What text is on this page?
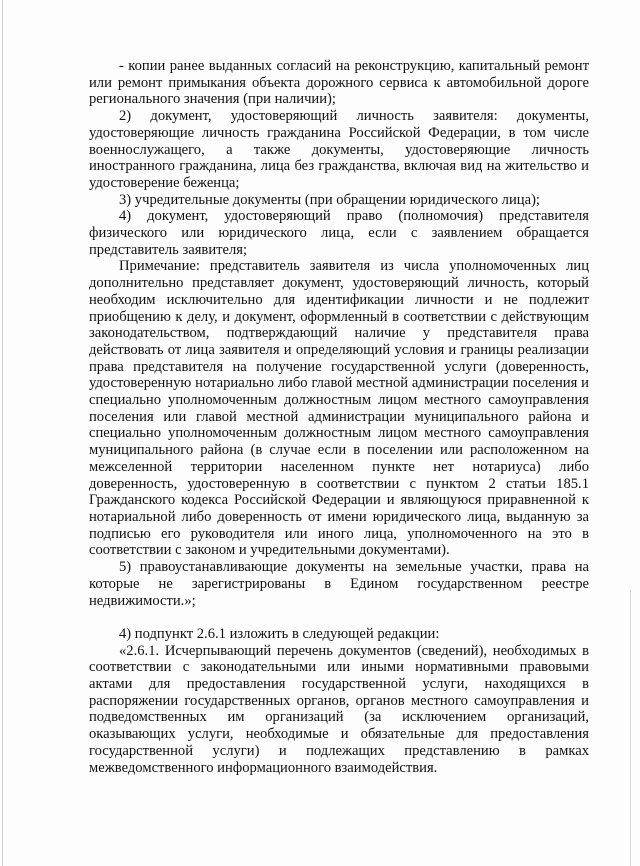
- копии ранее выданных согласий на реконструкцию, капитальный ремонт или ремонт примыкания объекта дорожного сервиса к автомобильной дороге регионального значения (при наличии);

2) документ, удостоверяющий личность заявителя: документы, удостоверяющие личность гражданина Российской Федерации, в том числе военнослужащего, а также документы, удостоверяющие личность иностранного гражданина, лица без гражданства, включая вид на жительство и удостоверение беженца;

3) учредительные документы (при обращении юридического лица);

4) документ, удостоверяющий право (полномочия) представителя физического или юридического лица, если с заявлением обращается представитель заявителя;

Примечание: представитель заявителя из числа уполномоченных лиц дополнительно представляет документ, удостоверяющий личность, который необходим исключительно для идентификации личности и не подлежит приобщению к делу, и документ, оформленный в соответствии с действующим законодательством, подтверждающий наличие у представителя права действовать от лица заявителя и определяющий условия и границы реализации права представителя на получение государственной услуги (доверенность, удостоверенную нотариально либо главой местной администрации поселения и специально уполномоченным должностным лицом местного самоуправления поселения или главой местной администрации муниципального района и специально уполномоченным должностным лицом местного самоуправления муниципального района (в случае если в поселении или расположенном на межселенной территории населенном пункте нет нотариуса) либо доверенность, удостоверенную в соответствии с пунктом 2 статьи 185.1 Гражданского кодекса Российской Федерации и являющуюся приравненной к нотариальной либо доверенность от имени юридического лица, выданную за подписью его руководителя или иного лица, уполномоченного на это в соответствии с законом и учредительными документами).

5) правоустанавливающие документы на земельные участки, права на которые не зарегистрированы в Едином государственном реестре недвижимости.»;

4) подпункт 2.6.1 изложить в следующей редакции:

«2.6.1. Исчерпывающий перечень документов (сведений), необходимых в соответствии с законодательными или иными нормативными правовыми актами для предоставления государственной услуги, находящихся в распоряжении государственных органов, органов местного самоуправления и подведомственных им организаций (за исключением организаций, оказывающих услуги, необходимые и обязательные для предоставления государственной услуги) и подлежащих представлению в рамках межведомственного информационного взаимодействия.
